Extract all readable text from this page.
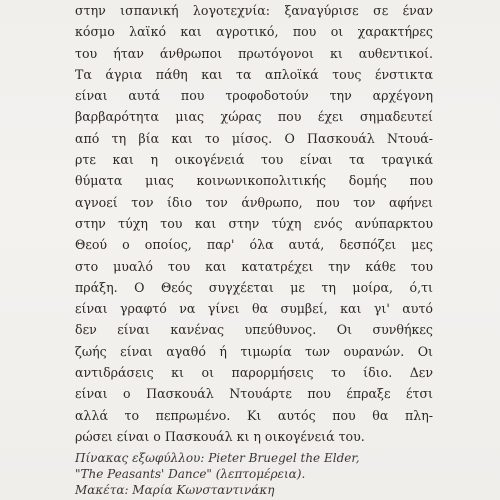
στην ισπανική λογοτεχνία: ξαναγύρισε σε έναν
κόσμο λαϊκό και αγροτικό, που οι χαρακτήρες
του ήταν άνθρωποι πρωτόγονοι κι αυθεντικοί.
Τα άγρια πάθη και τα απλοϊκά τους ένστικτα
είναι αυτά που τροφοδοτούν την αρχέγονη
βαρβαρότητα μιας χώρας που έχει σημαδευτεί
από τη βία και το μίσος. Ο Πασκουάλ Ντουά-
ρτε και η οικογένειά του είναι τα τραγικά
θύματα μιας κοινωνικοπολιτικής δομής που
αγνοεί τον ίδιο τον άνθρωπο, που τον αφήνει
στην τύχη του και στην τύχη ενός ανύπαρκτου
Θεού ο οποίος, παρ' όλα αυτά, δεσπόζει μες
στο μυαλό του και κατατρέχει την κάθε του
πράξη. Ο Θεός συγχέεται με τη μοίρα, ό,τι
είναι γραφτό να γίνει θα συμβεί, και γι' αυτό
δεν είναι κανένας υπεύθυνος. Οι συνθήκες
ζωής είναι αγαθό ή τιμωρία των ουρανών. Οι
αντιδράσεις κι οι παρορμήσεις το ίδιο. Δεν
είναι ο Πασκουάλ Ντουάρτε που έπραξε έτσι
αλλά το πεπρωμένο. Κι αυτός που θα πλη-
ρώσει είναι ο Πασκουάλ κι η οικογένειά του.
Πίνακας εξωφύλλου: Pieter Bruegel the Elder,
"The Peasants' Dance" (λεπτομέρεια).
Μακέτα: Μαρία Κωνσταντινάκη
